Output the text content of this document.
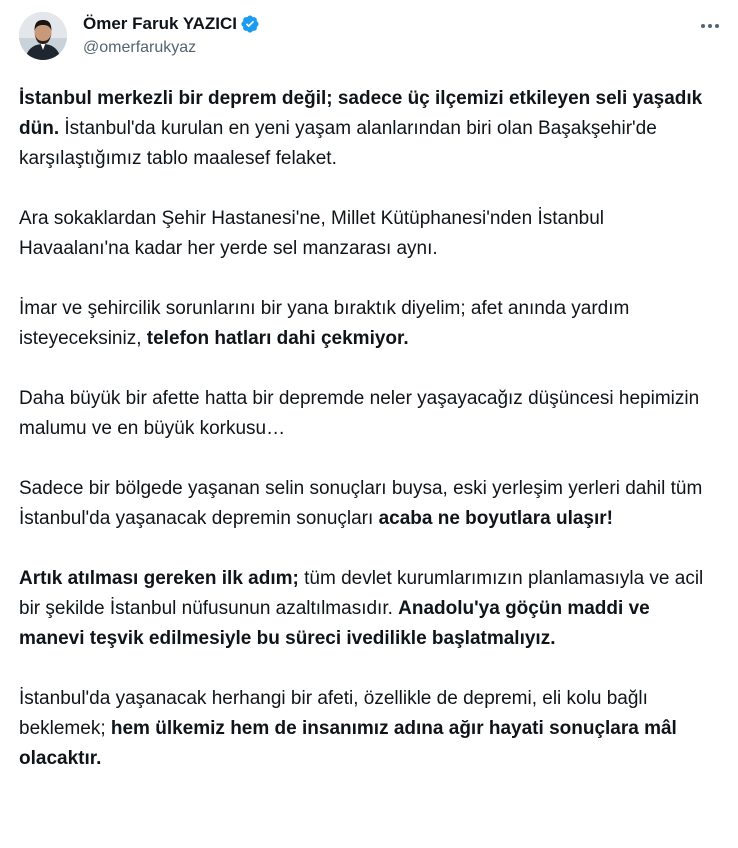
Ömer Faruk YAZICI
@omerfarukyaz

İstanbul merkezli bir deprem değil; sadece üç ilçemizi etkileyen seli yaşadık dün. İstanbul'da kurulan en yeni yaşam alanlarından biri olan Başakşehir'de karşılaştığımız tablo maalesef felaket.

Ara sokaklardan Şehir Hastanesi'ne, Millet Kütüphanesi'nden İstanbul Havaalanı'na kadar her yerde sel manzarası aynı.

İmar ve şehircilik sorunlarını bir yana bıraktık diyelim; afet anında yardım isteyeceksiniz, telefon hatları dahi çekmiyor.

Daha büyük bir afette hatta bir depremde neler yaşayacağız düşüncesi hepimizin malumu ve en büyük korkusu…

Sadece bir bölgede yaşanan selin sonuçları buysa, eski yerleşim yerleri dahil tüm İstanbul'da yaşanacak depremin sonuçları acaba ne boyutlara ulaşır!

Artık atılması gereken ilk adım; tüm devlet kurumlarımızın planlamasıyla ve acil bir şekilde İstanbul nüfusunun azaltılmasıdır. Anadolu'ya göçün maddi ve manevi teşvik edilmesiyle bu süreci ivedilikle başlatmalıyız.

İstanbul'da yaşanacak herhangi bir afeti, özellikle de depremi, eli kolu bağlı beklemek; hem ülkemiz hem de insanımız adına ağır hayati sonuçlara mâl olacaktır.
